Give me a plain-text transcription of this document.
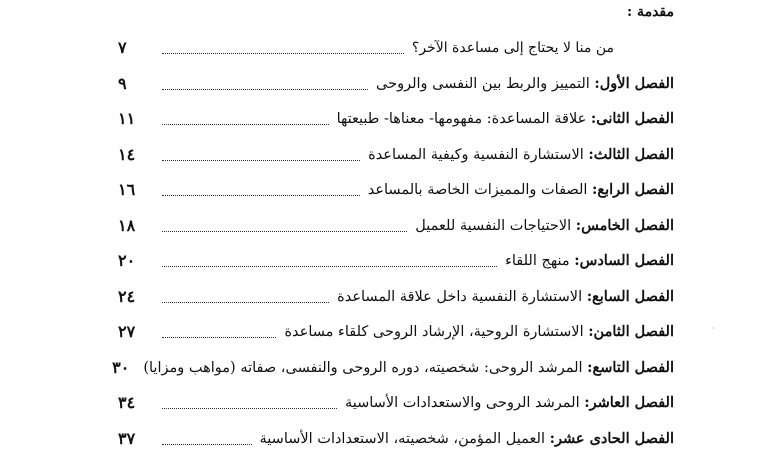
مقدمة :
من منا لا يحتاج إلى مساعدة الآخر؟
٧
الفصل الأول: التمييز والربط بين النفسى والروحى
٩
الفصل الثانى: علاقة المساعدة: مفهومها- معناها- طبيعتها
١١
الفصل الثالث: الاستشارة النفسية وكيفية المساعدة
١٤
الفصل الرابع: الصفات والمميزات الخاصة بالمساعد
١٦
الفصل الخامس: الاحتياجات النفسية للعميل
١٨
الفصل السادس: منهج اللقاء
٢٠
الفصل السابع: الاستشارة النفسية داخل علاقة المساعدة
٢٤
الفصل الثامن: الاستشارة الروحية، الإرشاد الروحى كلقاء مساعدة
٢٧
الفصل التاسع: المرشد الروحى: شخصيته، دوره الروحى والنفسى، صفاته (مواهب ومزايا)
٣٠
الفصل العاشر: المرشد الروحى والاستعدادات الأساسية
٣٤
الفصل الحادى عشر: العميل المؤمن، شخصيته، الاستعدادات الأساسية
٣٧
·
